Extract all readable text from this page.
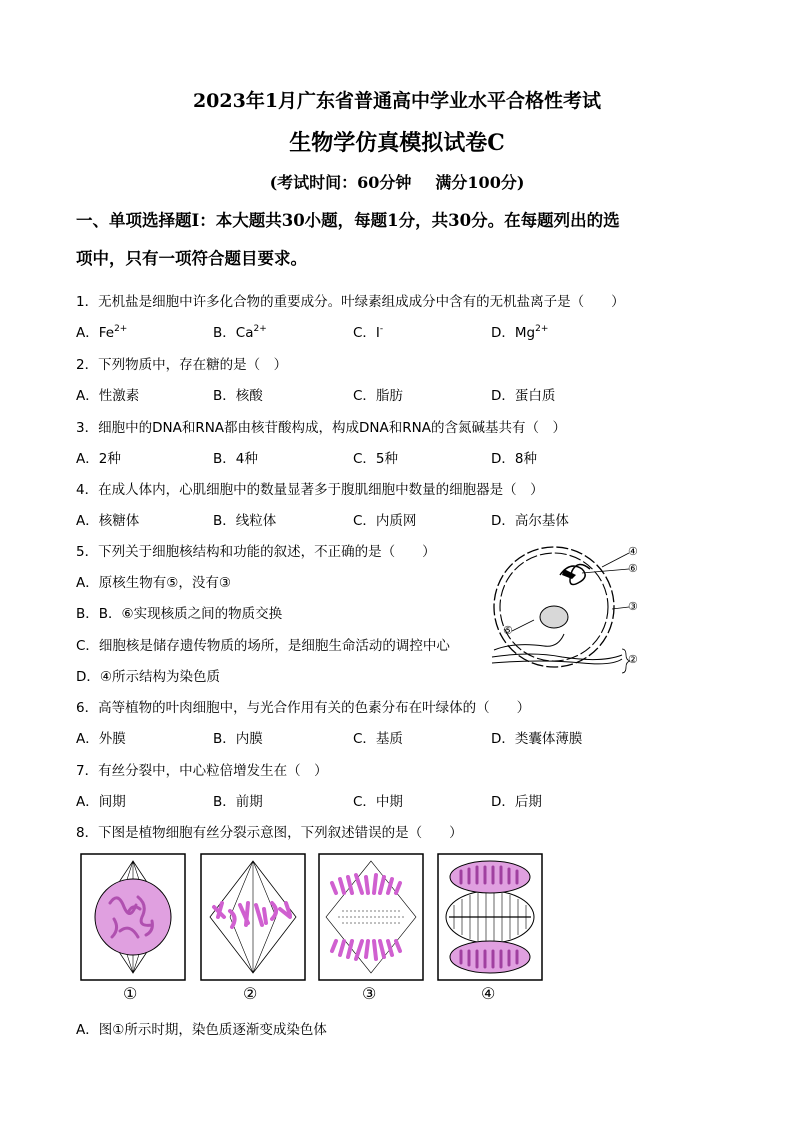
2023年1月广东省普通高中学业水平合格性考试
生物学仿真模拟试卷C
(考试时间：60分钟 满分100分)
一、单项选择题Ⅰ：本大题共30小题，每题1分，共30分。在每题列出的选
项中，只有一项符合题目要求。
1．无机盐是细胞中许多化合物的重要成分。叶绿素组成成分中含有的无机盐离子是（　　）
A．$Fe^{2+}$	B．$Ca^{2+}$	C．I-	D．$Mg^{2+}$
2．下列物质中，存在糖的是（　）
A．性激素	B．核酸	C．脂肪	D．蛋白质
3．细胞中的DNA和RNA都由核苷酸构成，构成DNA和RNA的含氮碱基共有（　）
A．2种	B．4种	C．5种	D．8种
4．在成人体内，心肌细胞中的数量显著多于腹肌细胞中数量的细胞器是（　）
A．核糖体	B．线粒体	C．内质网	D．高尔基体
5．下列关于细胞核结构和功能的叙述，不正确的是（　　）
A．原核生物有⑤，没有③
B．B．⑥实现核质之间的物质交换
C．细胞核是储存遗传物质的场所，是细胞生命活动的调控中心
D．④所示结构为染色质
④
⑥
③
⑤
②
6．高等植物的叶肉细胞中，与光合作用有关的色素分布在叶绿体的（　　）
A．外膜	B．内膜	C．基质	D．类囊体薄膜
7．有丝分裂中，中心粒倍增发生在（　）
A．间期	B．前期	C．中期	D．后期
8．下图是植物细胞有丝分裂示意图，下列叙述错误的是（　　）
①	②	③	④
A．图①所示时期，染色质逐渐变成染色体
